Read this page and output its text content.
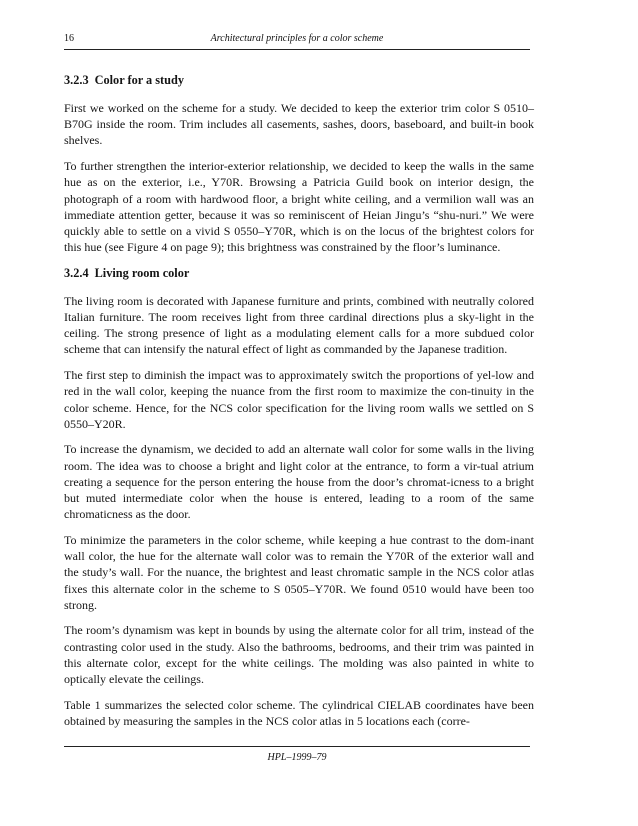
16	Architectural principles for a color scheme
3.2.3 Color for a study

First we worked on the scheme for a study. We decided to keep the exterior trim color S 0510–B70G inside the room. Trim includes all casements, sashes, doors, baseboard, and built-in book shelves.

To further strengthen the interior-exterior relationship, we decided to keep the walls in the same hue as on the exterior, i.e., Y70R. Browsing a Patricia Guild book on interior design, the photograph of a room with hardwood floor, a bright white ceiling, and a vermilion wall was an immediate attention getter, because it was so reminiscent of Heian Jingu’s “shu-nuri.” We were quickly able to settle on a vivid S 0550–Y70R, which is on the locus of the brightest colors for this hue (see Figure 4 on page 9); this brightness was constrained by the floor’s luminance.

3.2.4 Living room color

The living room is decorated with Japanese furniture and prints, combined with neutrally colored Italian furniture. The room receives light from three cardinal directions plus a sky-light in the ceiling. The strong presence of light as a modulating element calls for a more subdued color scheme that can intensify the natural effect of light as commanded by the Japanese tradition.

The first step to diminish the impact was to approximately switch the proportions of yel-low and red in the wall color, keeping the nuance from the first room to maximize the con-tinuity in the color scheme. Hence, for the NCS color specification for the living room walls we settled on S 0550–Y20R.

To increase the dynamism, we decided to add an alternate wall color for some walls in the living room. The idea was to choose a bright and light color at the entrance, to form a vir-tual atrium creating a sequence for the person entering the house from the door’s chromat-icness to a bright but muted intermediate color when the house is entered, leading to a room of the same chromaticness as the door.

To minimize the parameters in the color scheme, while keeping a hue contrast to the dom-inant wall color, the hue for the alternate wall color was to remain the Y70R of the exterior wall and the study’s wall. For the nuance, the brightest and least chromatic sample in the NCS color atlas fixes this alternate color in the scheme to S 0505–Y70R. We found 0510 would have been too strong.

The room’s dynamism was kept in bounds by using the alternate color for all trim, instead of the contrasting color used in the study. Also the bathrooms, bedrooms, and their trim was painted in this alternate color, except for the white ceilings. The molding was also painted in white to optically elevate the ceilings.

Table 1 summarizes the selected color scheme. The cylindrical CIELAB coordinates have been obtained by measuring the samples in the NCS color atlas in 5 locations each (corre-

HPL–1999–79
